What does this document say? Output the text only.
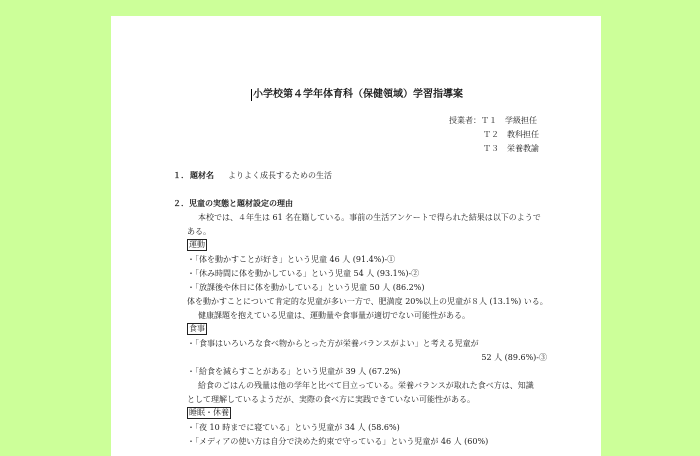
小学校第４学年体育科（保健領域）学習指導案
授業者：Ｔ１　学級担任
Ｔ２　教科担任
Ｔ３　栄養教諭
１． 題材名 よりよく成長するための生活
２．児童の実態と題材設定の理由
本校では、４年生は 61 名在籍している。事前の生活アンケートで得られた結果は以下のようで
ある。
運動
・「体を動かすことが好き」という児童 46 人 (91.4%)-①
・「休み時間に体を動かしている」という児童 54 人 (93.1%)-②
・「放課後や休日に体を動かしている」という児童 50 人 (86.2%)
体を動かすことについて肯定的な児童が多い一方で、肥満度 20%以上の児童が８人 (13.1%) いる。
健康課題を抱えている児童は、運動量や食事量が適切でない可能性がある。
食事
・「食事はいろいろな食べ物からとった方が栄養バランスがよい」と考える児童が
52 人 (89.6%)-③
・「給食を減らすことがある」という児童が 39 人 (67.2%)
給食のごはんの残量は他の学年と比べて目立っている。栄養バランスが取れた食べ方は、知識
として理解しているようだが、実際の食べ方に実践できていない可能性がある。
睡眠・休養
・「夜 10 時までに寝ている」という児童が 34 人 (58.6%)
・「メディアの使い方は自分で決めた約束で守っている」という児童が 46 人 (60%)
